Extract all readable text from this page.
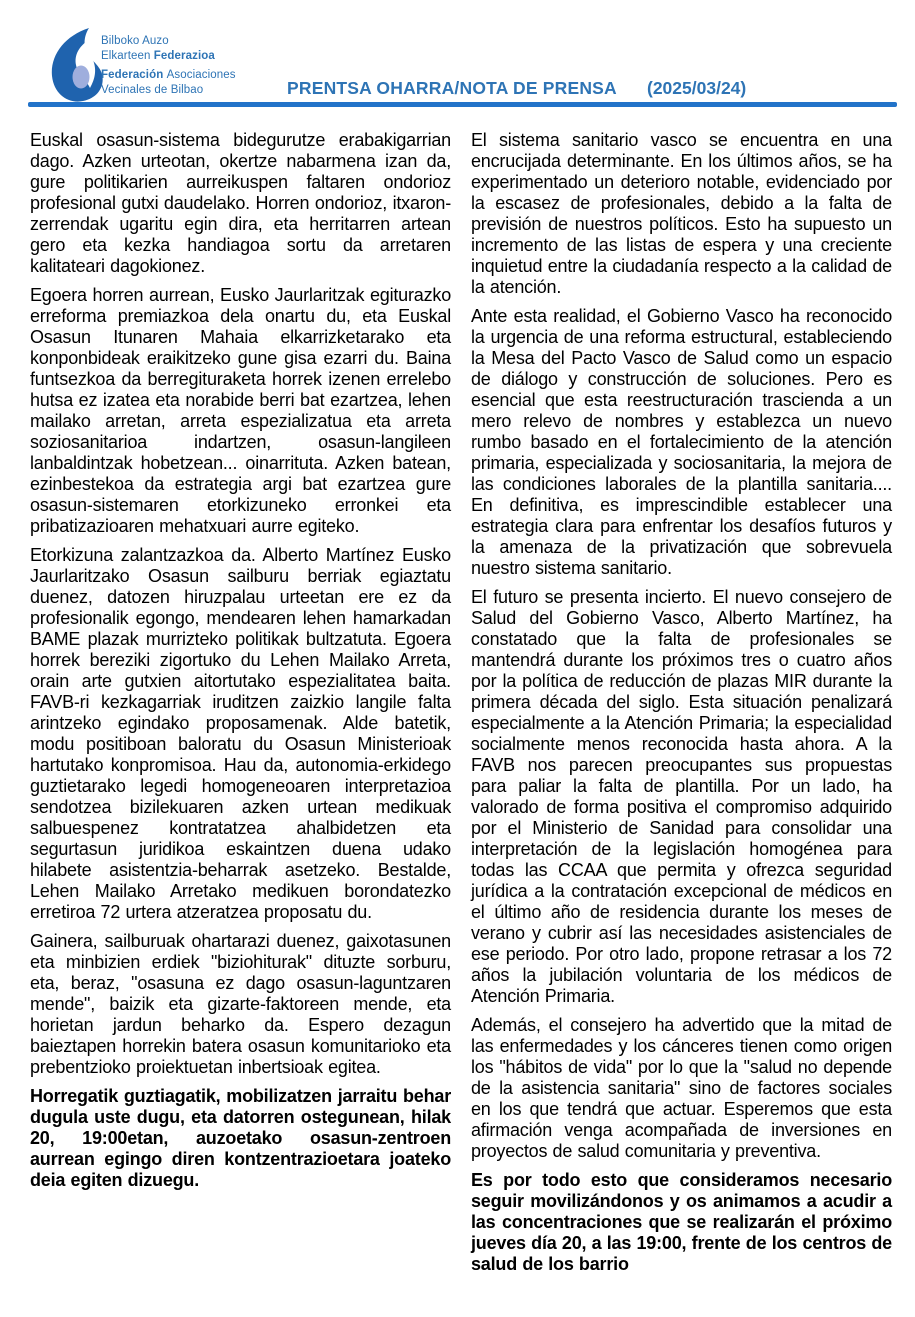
Bilboko Auzo
Elkarteen Federazioa
Federación Asociaciones
Vecinales de Bilbao	PRENTSA OHARRA/NOTA DE PRENSA (2025/03/24)

Euskal osasun-sistema bidegurutze erabakigarrian dago. Azken urteotan, okertze nabarmena izan da, gure politikarien aurreikuspen faltaren ondorioz profesional gutxi daudelako. Horren ondorioz, itxaron-zerrendak ugaritu egin dira, eta herritarren artean gero eta kezka handiagoa sortu da arretaren kalitateari dagokionez.

Egoera horren aurrean, Eusko Jaurlaritzak egiturazko erreforma premiazkoa dela onartu du, eta Euskal Osasun Itunaren Mahaia elkarrizketarako eta konponbideak eraikitzeko gune gisa ezarri du. Baina funtsezkoa da berregituraketa horrek izenen errelebo hutsa ez izatea eta norabide berri bat ezartzea, lehen mailako arretan, arreta espezializatua eta arreta soziosanitarioa indartzen, osasun-langileen lanbaldintzak hobetzean... oinarrituta. Azken batean, ezinbestekoa da estrategia argi bat ezartzea gure osasun-sistemaren etorkizuneko erronkei eta pribatizazioaren mehatxuari aurre egiteko.

Etorkizuna zalantzazkoa da. Alberto Martínez Eusko Jaurlaritzako Osasun sailburu berriak egiaztatu duenez, datozen hiruzpalau urteetan ere ez da profesionalik egongo, mendearen lehen hamarkadan BAME plazak murrizteko politikak bultzatuta. Egoera horrek bereziki zigortuko du Lehen Mailako Arreta, orain arte gutxien aitortutako espezialitatea baita. FAVB-ri kezkagarriak iruditzen zaizkio langile falta arintzeko egindako proposamenak. Alde batetik, modu positiboan baloratu du Osasun Ministerioak hartutako konpromisoa. Hau da, autonomia-erkidego guztietarako legedi homogeneoaren interpretazioa sendotzea bizilekuaren azken urtean medikuak salbuespenez kontratatzea ahalbidetzen eta segurtasun juridikoa eskaintzen duena udako hilabete asistentzia-beharrak asetzeko. Bestalde, Lehen Mailako Arretako medikuen borondatezko erretiroa 72 urtera atzeratzea proposatu du.

Gainera, sailburuak ohartarazi duenez, gaixotasunen eta minbizien erdiek "biziohiturak" dituzte sorburu, eta, beraz, "osasuna ez dago osasun-laguntzaren mende", baizik eta gizarte-faktoreen mende, eta horietan jardun beharko da. Espero dezagun baieztapen horrekin batera osasun komunitarioko eta prebentzioko proiektuetan inbertsioak egitea.

Horregatik guztiagatik, mobilizatzen jarraitu behar dugula uste dugu, eta datorren ostegunean, hilak 20, 19:00etan, auzoetako osasun-zentroen aurrean egingo diren kontzentrazioetara joateko deia egiten dizuegu.

El sistema sanitario vasco se encuentra en una encrucijada determinante. En los últimos años, se ha experimentado un deterioro notable, evidenciado por la escasez de profesionales, debido a la falta de previsión de nuestros políticos. Esto ha supuesto un incremento de las listas de espera y una creciente inquietud entre la ciudadanía respecto a la calidad de la atención.

Ante esta realidad, el Gobierno Vasco ha reconocido la urgencia de una reforma estructural, estableciendo la Mesa del Pacto Vasco de Salud como un espacio de diálogo y construcción de soluciones. Pero es esencial que esta reestructuración trascienda a un mero relevo de nombres y establezca un nuevo rumbo basado en el fortalecimiento de la atención primaria, especializada y sociosanitaria, la mejora de las condiciones laborales de la plantilla sanitaria.... En definitiva, es imprescindible establecer una estrategia clara para enfrentar los desafíos futuros y la amenaza de la privatización que sobrevuela nuestro sistema sanitario.

El futuro se presenta incierto. El nuevo consejero de Salud del Gobierno Vasco, Alberto Martínez, ha constatado que la falta de profesionales se mantendrá durante los próximos tres o cuatro años por la política de reducción de plazas MIR durante la primera década del siglo. Esta situación penalizará especialmente a la Atención Primaria; la especialidad socialmente menos reconocida hasta ahora. A la FAVB nos parecen preocupantes sus propuestas para paliar la falta de plantilla. Por un lado, ha valorado de forma positiva el compromiso adquirido por el Ministerio de Sanidad para consolidar una interpretación de la legislación homogénea para todas las CCAA que permita y ofrezca seguridad jurídica a la contratación excepcional de médicos en el último año de residencia durante los meses de verano y cubrir así las necesidades asistenciales de ese periodo. Por otro lado, propone retrasar a los 72 años la jubilación voluntaria de los médicos de Atención Primaria.

Además, el consejero ha advertido que la mitad de las enfermedades y los cánceres tienen como origen los "hábitos de vida" por lo que la "salud no depende de la asistencia sanitaria" sino de factores sociales en los que tendrá que actuar. Esperemos que esta afirmación venga acompañada de inversiones en proyectos de salud comunitaria y preventiva.

Es por todo esto que consideramos necesario seguir movilizándonos y os animamos a acudir a las concentraciones que se realizarán el próximo jueves día 20, a las 19:00, frente de los centros de salud de los barrio
